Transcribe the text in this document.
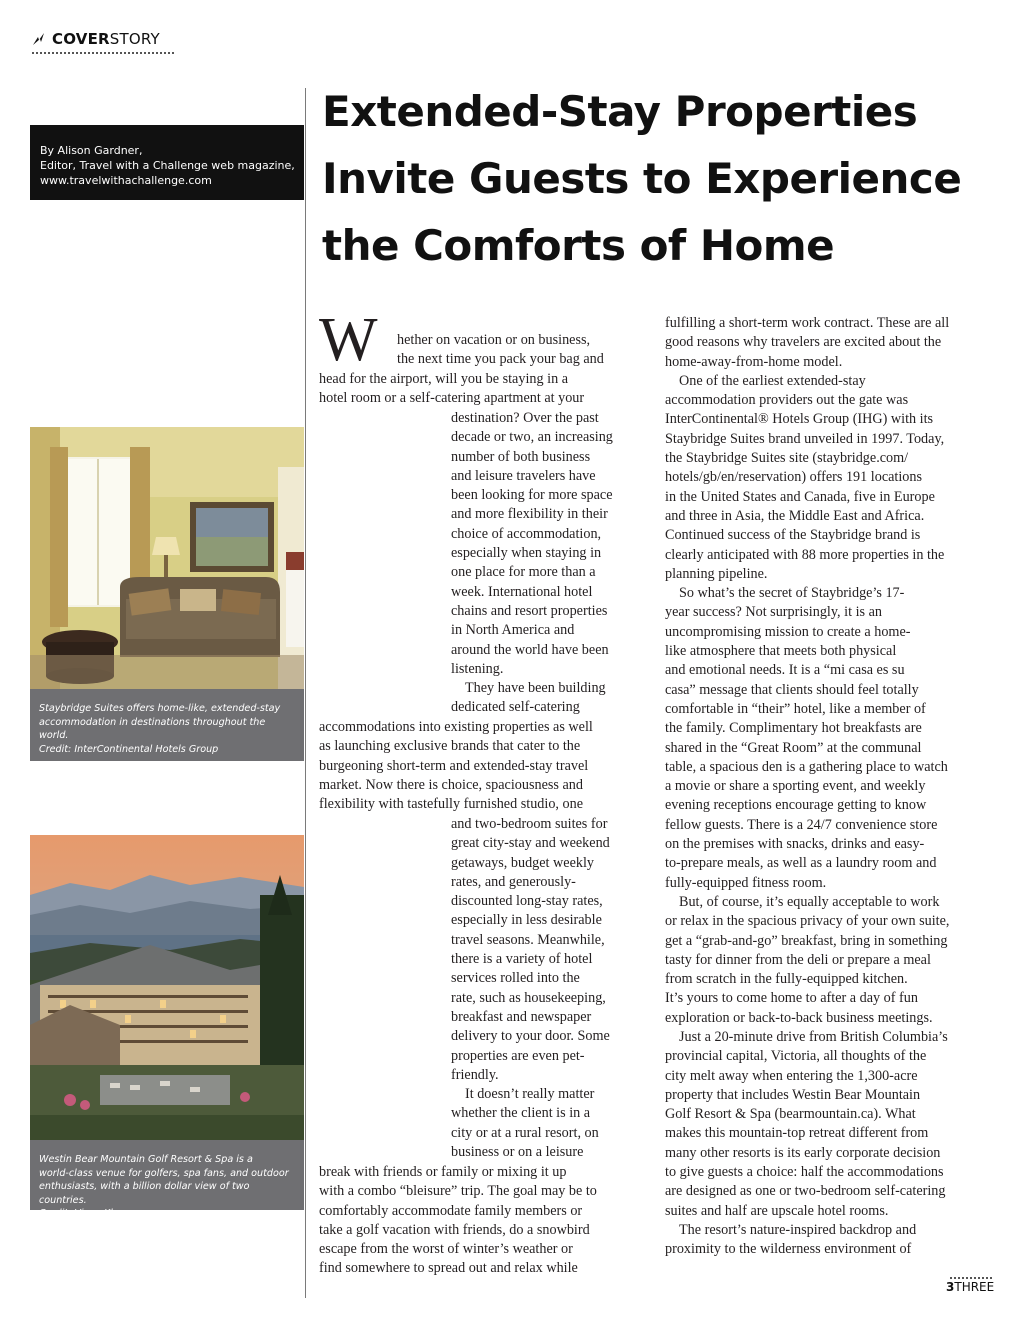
COVER STORY
By Alison Gardner,
Editor, Travel with a Challenge web magazine,
www.travelwithachallenge.com
Extended-Stay Properties
Invite Guests to Experience
the Comforts of Home
Staybridge Suites offers home-like, extended-stay
accommodation in destinations throughout the world.
Credit: InterContinental Hotels Group
Westin Bear Mountain Golf Resort & Spa is a
world-class venue for golfers, spa fans, and outdoor
enthusiasts, with a billion dollar view of two countries.
Credit: Vince Klassen
W hether on vacation or on business,

the next time you pack your bag and

head for the airport, will you be staying in a

hotel room or a self-catering apartment at your

destination? Over the past

decade or two, an increasing

number of both business

and leisure travelers have

been looking for more space

and more flexibility in their

choice of accommodation,

especially when staying in

one place for more than a

week. International hotel

chains and resort properties

in North America and

around the world have been

listening.

They have been building

dedicated self-catering

accommodations into existing properties as well

as launching exclusive brands that cater to the

burgeoning short-term and extended-stay travel

market. Now there is choice, spaciousness and

flexibility with tastefully furnished studio, one

and two-bedroom suites for

great city-stay and weekend

getaways, budget weekly

rates, and generously-

discounted long-stay rates,

especially in less desirable

travel seasons. Meanwhile,

there is a variety of hotel

services rolled into the

rate, such as housekeeping,

breakfast and newspaper

delivery to your door. Some

properties are even pet-

friendly.

It doesn’t really matter

whether the client is in a

city or at a rural resort, on

business or on a leisure

break with friends or family or mixing it up

with a combo “bleisure” trip. The goal may be to

comfortably accommodate family members or

take a golf vacation with friends, do a snowbird

escape from the worst of winter’s weather or

find somewhere to spread out and relax while

fulfilling a short-term work contract. These are all

good reasons why travelers are excited about the

home-away-from-home model.

One of the earliest extended-stay

accommodation providers out the gate was

InterContinental® Hotels Group (IHG) with its

Staybridge Suites brand unveiled in 1997. Today,

the Staybridge Suites site (staybridge.com/

hotels/gb/en/reservation) offers 191 locations

in the United States and Canada, five in Europe

and three in Asia, the Middle East and Africa.

Continued success of the Staybridge brand is

clearly anticipated with 88 more properties in the

planning pipeline.

So what’s the secret of Staybridge’s 17-

year success? Not surprisingly, it is an

uncompromising mission to create a home-

like atmosphere that meets both physical

and emotional needs. It is a “mi casa es su

casa” message that clients should feel totally

comfortable in “their” hotel, like a member of

the family. Complimentary hot breakfasts are

shared in the “Great Room” at the communal

table, a spacious den is a gathering place to watch

a movie or share a sporting event, and weekly

evening receptions encourage getting to know

fellow guests. There is a 24/7 convenience store

on the premises with snacks, drinks and easy-

to-prepare meals, as well as a laundry room and

fully-equipped fitness room.

But, of course, it’s equally acceptable to work

or relax in the spacious privacy of your own suite,

get a “grab-and-go” breakfast, bring in something

tasty for dinner from the deli or prepare a meal

from scratch in the fully-equipped kitchen.

It’s yours to come home to after a day of fun

exploration or back-to-back business meetings.

Just a 20-minute drive from British Columbia’s

provincial capital, Victoria, all thoughts of the

city melt away when entering the 1,300-acre

property that includes Westin Bear Mountain

Golf Resort & Spa (bearmountain.ca). What

makes this mountain-top retreat different from

many other resorts is its early corporate decision

to give guests a choice: half the accommodations

are designed as one or two-bedroom self-catering

suites and half are upscale hotel rooms.

The resort’s nature-inspired backdrop and

proximity to the wilderness environment of

3THREE
